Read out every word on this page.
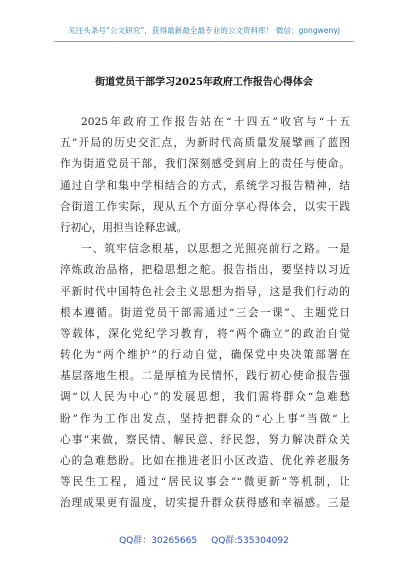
关注头条号“公文研究”，获得最新最全最专业的公文资料库！ 微信：gongwenyj
街道党员干部学习2025年政府工作报告心得体会
2025年政府工作报告站在“十四五”收官与“十五
五”开局的历史交汇点，为新时代高质量发展擘画了蓝图
作为街道党员干部，我们深刻感受到肩上的责任与使命。
通过自学和集中学相结合的方式，系统学习报告精神，结
合街道工作实际，现从五个方面分享心得体会，以实干践
行初心，用担当诠释忠诚。
一、筑牢信念根基，以思想之光照亮前行之路。一是
淬炼政治品格，把稳思想之舵。报告指出，要坚持以习近
平新时代中国特色社会主义思想为指导，这是我们行动的
根本遵循。街道党员干部需通过“三会一课”、主题党日
等载体，深化党纪学习教育，将“两个确立”的政治自觉
转化为“两个维护”的行动自觉，确保党中央决策部署在
基层落地生根。二是厚植为民情怀，践行初心使命报告强
调“以人民为中心”的发展思想，我们需将群众“急难愁
盼”作为工作出发点，坚持把群众的“心上事”当做“上
心事”来做，察民情、解民意、纾民怨，努力解决群众关
心的急难愁盼。比如在推进老旧小区改造、优化养老服务
等民生工程，通过“居民议事会”“微更新”等机制，让
治理成果更有温度，切实提升群众获得感和幸福感。三是
QQ群：30265665 QQ群:535304092
